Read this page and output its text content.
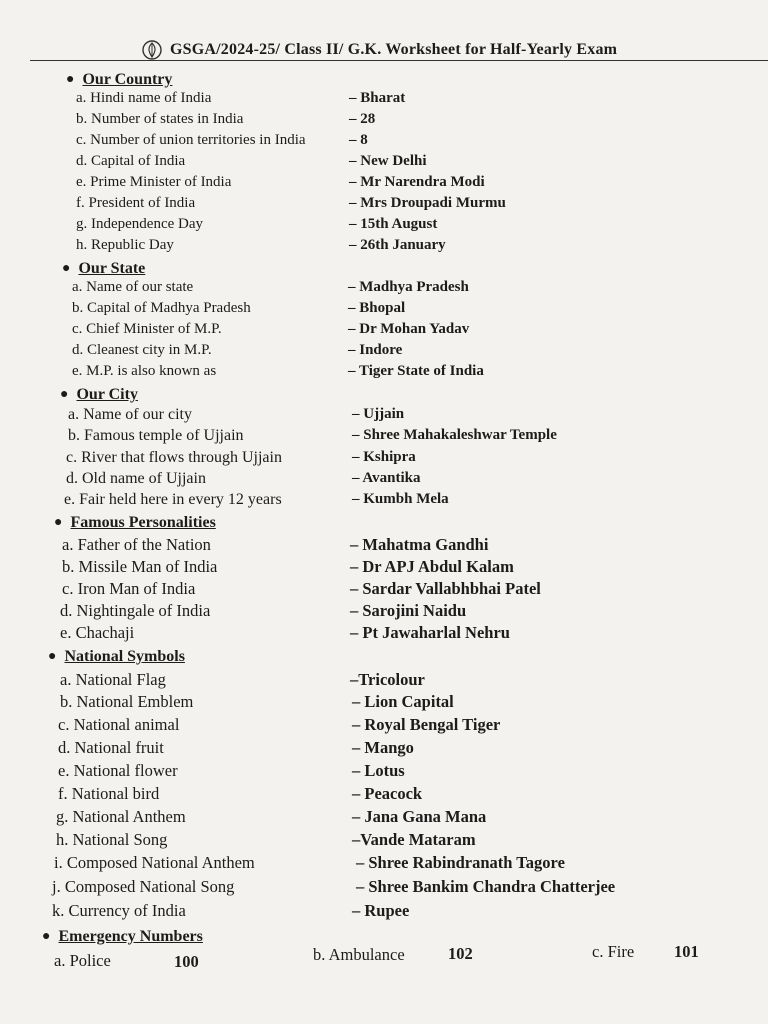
GSGA/2024-25/ Class II/ G.K. Worksheet for Half-Yearly Exam
● Our Country
a. Hindi name of India	– Bharat
b. Number of states in India	– 28
c. Number of union territories in India	– 8
d. Capital of India	– New Delhi
e. Prime Minister of India	– Mr Narendra Modi
f. President of India	– Mrs Droupadi Murmu
g. Independence Day	– 15th August
h. Republic Day	– 26th January
● Our State
a. Name of our state	– Madhya Pradesh
b. Capital of Madhya Pradesh	– Bhopal
c. Chief Minister of M.P.	– Dr Mohan Yadav
d. Cleanest city in M.P.	– Indore
e. M.P. is also known as	– Tiger State of India
● Our City
a. Name of our city	– Ujjain
b. Famous temple of Ujjain	– Shree Mahakaleshwar Temple
c. River that flows through Ujjain	– Kshipra
d. Old name of Ujjain	– Avantika
e. Fair held here in every 12 years	– Kumbh Mela
● Famous Personalities
a. Father of the Nation	– Mahatma Gandhi
b. Missile Man of India	– Dr APJ Abdul Kalam
c. Iron Man of India	– Sardar Vallabhbhai Patel
d. Nightingale of India	– Sarojini Naidu
e. Chachaji	– Pt Jawaharlal Nehru
● National Symbols
a. National Flag	–Tricolour
b. National Emblem	– Lion Capital
c. National animal	– Royal Bengal Tiger
d. National fruit	– Mango
e. National flower	– Lotus
f. National bird	– Peacock
g. National Anthem	– Jana Gana Mana
h. National Song	–Vande Mataram
i. Composed National Anthem	– Shree Rabindranath Tagore
j. Composed National Song	– Shree Bankim Chandra Chatterjee
k. Currency of India	– Rupee
● Emergency Numbers
a. Police	100	b. Ambulance	102	c. Fire 101
